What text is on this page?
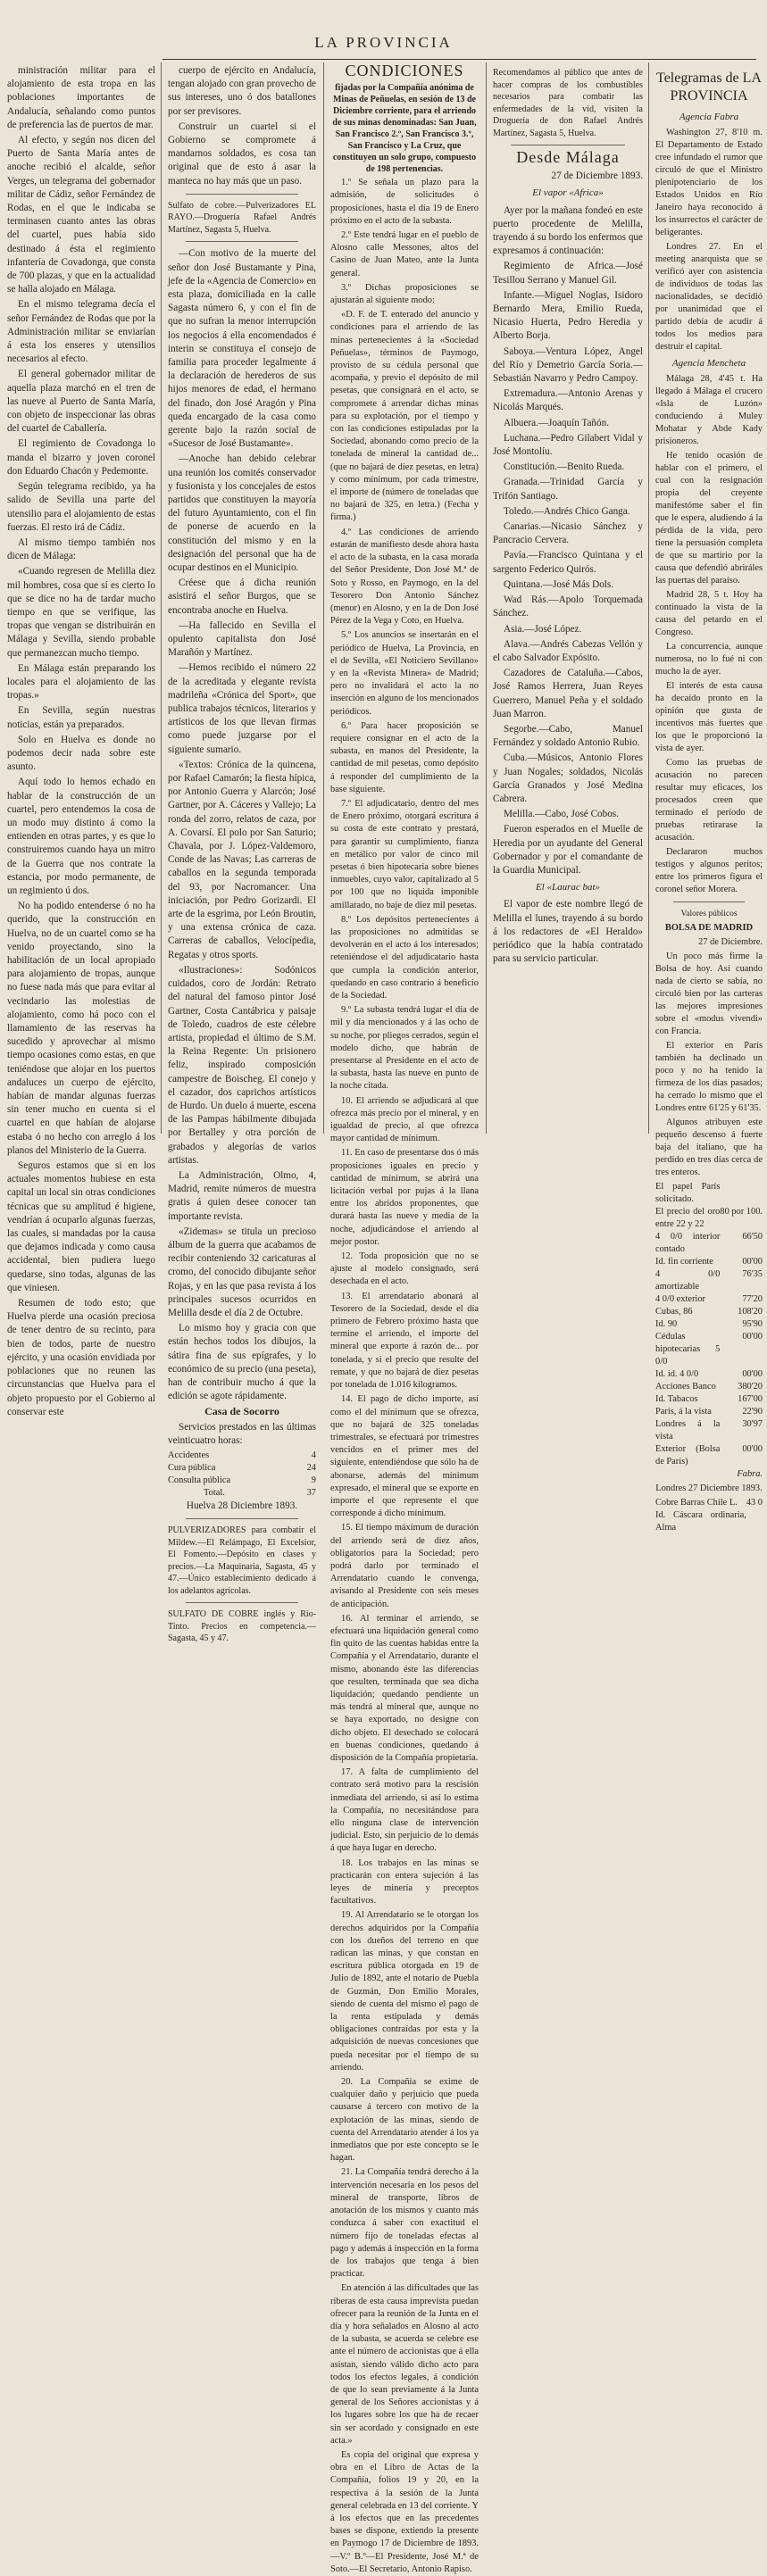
LA PROVINCIA

ministración militar para el alojamiento de esta tropa en las poblaciones importantes de Andalucía, señalando como puntos de preferencia las de puertos de mar.

Al efecto, y según nos dicen del Puerto de Santa María antes de anoche recibió el alcalde, señor Verges, un telegrama del gobernador militar de Cádiz, señor Fernández de Rodas, en el que le indicaba se terminasen cuanto antes las obras del cuartel, pues había sido destinado á ésta el regimiento infantería de Covadonga, que consta de 700 plazas, y que en la actualidad se halla alojado en Málaga.

En el mismo telegrama decía el señor Fernández de Rodas que por la Administración militar se enviarían á esta los enseres y utensilios necesarios al efecto.

El general gobernador militar de aquella plaza marchó en el tren de las nueve al Puerto de Santa María, con objeto de inspeccionar las obras del cuartel de Caballería.

El regimiento de Covadonga lo manda el bizarro y joven coronel don Eduardo Chacón y Pedemonte.

Según telegrama recibido, ya ha salido de Sevilla una parte del utensilio para el alojamiento de estas fuerzas. El resto irá de Cádiz.

Al mismo tiempo también nos dicen de Málaga:

«Cuando regresen de Melilla diez mil hombres, cosa que sí es cierto lo que se dice no ha de tardar mucho tiempo en que se verifique, las tropas que vengan se distribuirán en Málaga y Sevilla, siendo probable que permanezcan mucho tiempo.

En Málaga están preparando los locales para el alojamiento de las tropas.»

En Sevilla, según nuestras noticias, están ya preparados.

Solo en Huelva es donde no podemos decir nada sobre este asunto.

Aquí todo lo hemos echado en hablar de la construcción de un cuartel, pero entendemos la cosa de un modo muy distinto á como la entienden en otras partes, y es que lo construiremos cuando haya un mitro de la Guerra que nos contrate la estancia, por modo permanente, de un regimiento ú dos.

No ha podido entenderse ó no ha querido, que la construcción en Huelva, no de un cuartel como se ha venido proyectando, sino la habilitación de un local apropiado para alojamiento de tropas, aunque no fuese nada más que para evitar al vecindario las molestias de alojamiento, como há poco con el llamamiento de las reservas ha sucedido y aprovechar al mismo tiempo ocasiones como estas, en que teniéndose que alojar en los puertos andaluces un cuerpo de ejército, habían de mandar algunas fuerzas sin tener mucho en cuenta si el cuartel en que habían de alojarse estaba ó no hecho con arreglo á los planos del Ministerio de la Guerra.

Seguros estamos que si en los actuales momentos hubiese en esta capital un local sin otras condiciones técnicas que su amplitud é higiene, vendrían á ocuparlo algunas fuerzas, las cuales, si mandadas por la causa que dejamos indicada y como causa accidental, bien pudiera luego quedarse, sino todas, algunas de las que viniesen.

Resumen de todo esto; que Huelva pierde una ocasión preciosa de tener dentro de su recinto, para bien de todos, parte de nuestro ejército, y una ocasión envidiada por poblaciones que no reunen las circunstancias que Huelva para el objeto propuesto por el Gobierno al conservar este

cuerpo de ejército en Andalucía, tengan alojado con gran provecho de sus intereses, uno ó dos batallones por ser previsores.

Construir un cuartel si el Gobierno se compromete á mandarnos soldados, es cosa tan original que de esto á asar la manteca no hay más que un paso.

Sulfato de cobre.—Pulverizadores EL RAYO.—Droguería Rafael Andrés Martínez, Sagasta 5, Huelva.

—Con motivo de la muerte del señor don José Bustamante y Pina, jefe de la «Agencia de Comercio» en esta plaza, domiciliada en la calle Sagasta número 6, y con el fin de que no sufran la menor interrupción los negocios á ella encomendados é interin se constituya el consejo de familia para proceder legalmente á la declaración de herederos de sus hijos menores de edad, el hermano del finado, don José Aragón y Pina queda encargado de la casa como gerente bajo la razón social de «Sucesor de José Bustamante».

—Anoche han debido celebrar una reunión los comités conservador y fusionista y los concejales de estos partidos que constituyen la mayoría del futuro Ayuntamiento, con el fin de ponerse de acuerdo en la constitución del mismo y en la designación del personal que ha de ocupar destinos en el Municipio.

Créese que á dicha reunión asistirá el señor Burgos, que se encontraba anoche en Huelva.

—Ha fallecido en Sevilla el opulento capitalista don José Marañón y Martínez.

—Hemos recibido el número 22 de la acreditada y elegante revista madrileña «Crónica del Sport», que publica trabajos técnicos, literarios y artísticos de los que llevan firmas como puede juzgarse por el siguiente sumario.

«Textos: Crónica de la quincena, por Rafael Camarón; la fiesta hípica, por Antonio Guerra y Alarcón; José Gartner, por A. Cáceres y Vallejo; La ronda del zorro, relatos de caza, por A. Covarsí. El polo por San Saturio; Chavala, por J. López-Valdemoro, Conde de las Navas; Las carreras de caballos en la segunda temporada del 93, por Nacromancer. Una iniciación, por Pedro Gorizardi. El arte de la esgrima, por León Broutin, y una extensa crónica de caza. Carreras de caballos, Velocípedia, Regatas y otros sports.

«Ilustraciones»: Sodónicos cuidados, coro de Jordán: Retrato del natural del famoso pintor José Gartner, Costa Cantábrica y paisaje de Toledo, cuadros de este célebre artista, propiedad el último de S.M. la Reina Regente: Un prisionero feliz, inspirado composición campestre de Boischeg. El conejo y el cazador, dos caprichos artísticos de Hurdo. Un duelo á muerte, escena de las Pampas hábilmente dibujada por Bertalley y otra porción de grabados y alegorías de varios artistas.

La Administración, Olmo, 4, Madrid, remite números de muestra gratis á quien desee conocer tan importante revista.

«Zidemas» se titula un precioso álbum de la guerra que acabamos de recibir conteniendo 32 caricaturas al cromo, del conocido dibujante señor Rojas, y en las que pasa revista á los principales sucesos ocurridos en Melilla desde el día 2 de Octubre.

Lo mismo hoy y gracia con que están hechos todos los dibujos, la sátira fina de sus epígrafes, y lo económico de su precio (una peseta), han de contribuir mucho á que la edición se agote rápidamente.

Casa de Socorro

Servicios prestados en las últimas veinticuatro horas:

Accidentes	4
Cura pública	24
Consulta pública	9
Total.	37

Huelva 28 Diciembre 1893.

PULVERIZADORES para combatir el Mildew.—El Relámpago, El Excelsior, El Fomento.—Depósito en clases y precios.—La Maquinaria, Sagasta, 45 y 47.—Único establecimiento dedicado á los adelantos agrícolas.

SULFATO DE COBRE inglés y Rio-Tinto. Precios en competencia.—Sagasta, 45 y 47.

CONDICIONES

fijadas por la Compañía anónima de Minas de Peñuelas, en sesión de 13 de Diciembre corriente, para el arriendo de sus minas denominadas: San Juan, San Francisco 2.º, San Francisco 3.º, San Francisco y La Cruz, que constituyen un solo grupo, compuesto de 198 pertenencias.

1.º Se señala un plazo para la admisión, de solicitudes ó proposiciones, hasta el día 19 de Enero próximo en el acto de la subasta.

2.º Este tendrá lugar en el pueblo de Alosno calle Messones, altos del Casino de Juan Mateo, ante la Junta general.

3.º Dichas proposiciones se ajustarán al siguiente modo:

«D. F. de T. enterado del anuncio y condiciones para el arriendo de las minas pertenecientes á la «Sociedad Peñuelas», términos de Paymogo, provisto de su cédula personal que acompaña, y previo el depósito de mil pesetas, que consignará en el acto, se compromete á arrendar dichas minas para su explotación, por el tiempo y con las condiciones estipuladas por la Sociedad, abonando como precio de la tonelada de mineral la cantidad de... (que no bajará de diez pesetas, en letra) y como mínimum, por cada trimestre, el importe de (número de toneladas que no bajará de 325, en letra.) (Fecha y firma.)

4.º Las condiciones de arriendo estarán de manifiesto desde ahora hasta el acto de la subasta, en la casa morada del Señor Presidente, Don José M.ª de Soto y Rosso, en Paymogo, en la del Tesorero Don Antonio Sánchez (menor) en Alosno, y en la de Don José Pérez de la Vega y Coto, en Huelva.

5.º Los anuncios se insertarán en el periódico de Huelva, La Provincia, en el de Sevilla, «El Noticiero Sevillano» y en la «Revista Minera» de Madrid; pero no invalidará el acto la no inserción en alguno de los mencionados periódicos.

6.º Para hacer proposición se requiere consignar en el acto de la subasta, en manos del Presidente, la cantidad de mil pesetas, como depósito á responder del cumplimiento de la base siguiente.

7.º El adjudicatario, dentro del mes de Enero próximo, otorgará escritura á su costa de este contrato y prestará, para garantir su cumplimiento, fianza en metálico por valor de cinco mil pesetas ó bien hipotecaria sobre bienes inmuebles, cuyo valor, capitalizado al 5 por 100 que no liquida imponible amillarado, no baje de diez mil pesetas.

8.º Los depósitos pertenecientes á las proposiciones no admitidas se devolverán en el acto á los interesados; reteniéndose el del adjudicatario hasta que cumpla la condición anterior, quedando en caso contrario á beneficio de la Sociedad.

9.º La subasta tendrá lugar el día de mil y día mencionados y á las ocho de su noche, por pliegos cerrados, según el modelo dicho, que habrán de presentarse al Presidente en el acto de la subasta, hasta las nueve en punto de la noche citada.

10. El arriendo se adjudicará al que ofrezca más precio por el mineral, y en igualdad de precio, al que ofrezca mayor cantidad de mínimum.

11. En caso de presentarse dos ó más proposiciones iguales en precio y cantidad de mínimum, se abrirá una licitación verbal por pujas á la llana entre los abridos proponentes, que durará hasta las nueve y media de la noche, adjudicándose el arriendo al mejor postor.

12. Toda proposición que no se ajuste al modelo consignado, será desechada en el acto.

13. El arrendatario abonará al Tesorero de la Sociedad, desde el día primero de Febrero próximo hasta que termine el arriendo, el importe del mineral que exporte á razón de... por tonelada, y si el precio que resulte del remate, y que no bajará de diez pesetas por tonelada de 1.016 kilogramos.

14. El pago de dicho importe, así como el del mínimum que se ofrezca, que no bajará de 325 toneladas trimestrales, se efectuará por trimestres vencidos en el primer mes del siguiente, entendiéndose que sólo ha de abonarse, además del mínimum expresado, el mineral que se exporte en importe el que represente el que corresponde á dicho mínimum.

15. El tiempo máximum de duración del arriendo será de diez años, obligatorios para la Sociedad; pero podrá darlo por terminado el Arrendatario cuando le convenga, avisando al Presidente con seis meses de anticipación.

16. Al terminar el arriendo, se efectuará una liquidación general como fin quito de las cuentas habidas entre la Compañía y el Arrendatario, durante el mismo, abonando éste las diferencias que resulten, terminada que sea dicha liquidación; quedando pendiente un más tendrá al mineral que, aunque no se haya exportado, no designe con dicho objeto. El desechado se colocará en buenas condiciones, quedando á disposición de la Compañía propietaria.

17. A falta de cumplimiento del contrato será motivo para la rescisión inmediata del arriendo, si así lo estima la Compañía, no necesitándose para ello ninguna clase de intervención judicial. Esto, sin perjuicio de lo demás á que haya lugar en derecho.

18. Los trabajos en las minas se practicarán con entera sujeción á las leyes de minería y preceptos facultativos.

19. Al Arrendatario se le otorgan los derechos adquiridos por la Compañía con los dueños del terreno en que radican las minas, y que constan en escritura pública otorgada en 19 de Julio de 1892, ante el notario de Puebla de Guzmán, Don Emilio Morales, siendo de cuenta del mismo el pago de la renta estipulada y demás obligaciones contraídas por esta y la adquisición de nuevas concesiones que pueda necesitar por el tiempo de su arriendo.

20. La Compañía se exime de cualquier daño y perjuicio que pueda causarse á tercero con motivo de la explotación de las minas, siendo de cuenta del Arrendatario atender á los ya inmediatos que por este concepto se le hagan.

21. La Compañía tendrá derecho á la intervención necesaria en los pesos del mineral de transporte, libros de anotación de los mismos y cuanto más conduzca á saber con exactitud el número fijo de toneladas efectas al pago y además á inspección en la forma de los trabajos que tenga á bien practicar.

En atención á las dificultades que las riberas de esta causa imprevista puedan ofrecer para la reunión de la Junta en el día y hora señalados en Alosno al acto de la subasta, se acuerda se celebre ese ante el número de accionistas que á ella asistan, siendo válido dicho acto para todos los efectos legales, á condición de que lo sean previamente á la Junta general de los Señores accionistas y á los lugares sobre los que ha de recaer sin ser acordado y consignado en este acta.»

Es copia del original que expresa y obra en el Libro de Actas de la Compañía, folios 19 y 20, en la respectiva á la sesión de la Junta general celebrada en 13 del corriente. Y á los efectos que en las precedentes bases se dispone, extiendo la presente en Paymogo 17 de Diciembre de 1893.—V.º B.º—El Presidente, José M.ª de Soto.—El Secretario, Antonio Rapiso.

Recomendamos al público que antes de hacer compras de los combustibles necesarios para combatir las enfermedades de la vid, visiten la Droguería de don Rafael Andrés Martínez, Sagasta 5, Huelva.

Desde Málaga

27 de Diciembre 1893.

El vapor «Africa»

Ayer por la mañana fondeó en este puerto procedente de Melilla, trayendo á su bordo los enfermos que expresamos á continuación:

Regimiento de Africa.—José Tesillou Serrano y Manuel Gil.

Infante.—Miguel Noglas, Isidoro Bernardo Mera, Emilio Rueda, Nicasio Huerta, Pedro Heredia y Alberto Borja.

Saboya.—Ventura López, Angel del Río y Demetrio García Soria.—Sebastián Navarro y Pedro Campoy.

Extremadura.—Antonio Arenas y Nicolás Marqués.

Albuera.—Joaquín Tañón.

Luchana.—Pedro Gilabert Vidal y José Montolíu.

Constitución.—Benito Rueda.

Granada.—Trinidad García y Trifón Santiago.

Toledo.—Andrés Chico Ganga.

Canarias.—Nicasio Sánchez y Pancracio Cervera.

Pavía.—Francisco Quintana y el sargento Federico Quirós.

Quintana.—José Más Dols.

Wad Rás.—Apolo Torquemada Sánchez.

Asia.—José López.

Alava.—Andrés Cabezas Vellón y el cabo Salvador Expósito.

Cazadores de Cataluña.—Cabos, José Ramos Herrera, Juan Reyes Guerrero, Manuel Peña y el soldado Juan Marron.

Segorbe.—Cabo, Manuel Fernández y soldado Antonio Rubio.

Cuba.—Músicos, Antonio Flores y Juan Nogales; soldados, Nicolás García Granados y José Medina Cabrera.

Melilla.—Cabo, José Cobos.

Fueron esperados en el Muelle de Heredia por un ayudante del General Gobernador y por el comandante de la Guardia Municipal.

El «Laurac bat»

El vapor de este nombre llegó de Melilla el lunes, trayendo á su bordo á los redactores de «El Heraldo» periódico que la había contratado para su servicio particular.

Telegramas de LA PROVINCIA

Agencia Fabra

Washington 27, 8'10 m. El Departamento de Estado cree infundado el rumor que circuló de que el Ministro plenipotenciario de los Estados Unidos en Río Janeiro haya reconocido á los insurrectos el carácter de beligerantes.

Londres 27. En el meeting anarquista que se verificó ayer con asistencia de individuos de todas las nacionalidades, se decidió por unanimidad que el partido debía de acudir á todos los medios para destruir el capital.

Agencia Mencheta

Málaga 28, 4'45 t. Ha llegado á Málaga el crucero «Isla de Luzón» conduciendo á Muley Mohatar y Abde Kady prisioneros.

He tenido ocasión de hablar con el primero, el cual con la resignación propia del creyente manifestóme saber el fin que le espera, aludiendo á la pérdida de la vida, pero tiene la persuasión completa de que su martirio por la causa que defendió abriráles las puertas del paraíso.

Madrid 28, 5 t. Hoy ha continuado la vista de la causa del petardo en el Congreso.

La concurrencia, aunque numerosa, no lo fué ni con mucho la de ayer.

El interés de esta causa ha decaído pronto en la opinión que gusta de incentivos más fuertes que los que le proporcionó la vista de ayer.

Como las pruebas de acusación no parecen resultar muy eficaces, los procesados creen que terminado el período de pruebas retirarase la acusación.

Declararon muchos testigos y algunos peritos; entre los primeros figura el coronel señor Morera.

Valores públicos

BOLSA DE MADRID

27 de Diciembre.

Un poco más firme la Bolsa de hoy. Así cuando nada de cierto se sabía, no circuló bien por las carteras las mejores impresiones sobre el «modus vivendi» con Francia.

El exterior en París también ha declinado un poco y no ha tenido la firmeza de los días pasados; ha cerrado lo mismo que el Londres entre 61'25 y 61'35.

Algunos atribuyen este pequeño descenso á fuerte baja del italiano, que ha perdido en tres días cerca de tres enteros.

El papel París solicitado.	
El precio del oro entre 22 y 22	80 por 100.
4 0/0 interior contado	66'50
Id. fin corriente	00'00
4 0/0 amortizable	76'35
4 0/0 exterior	77'20
Cubas, 86	108'20
Id. 90	95'90
Cédulas hipotecarias 5 0/0	00'00
Id. id. 4 0/0	00'00
Acciones Banco	380'20
Id. Tabacos	167'00
París, á la vista	22'90
Londres á la vista	30'97
Exterior (Bolsa de París)	00'00

Fabra.

Londres 27 Diciembre 1893.

Cobre Barras Chile L.	43 0
Id. Cáscara ordinaria, Alma	
